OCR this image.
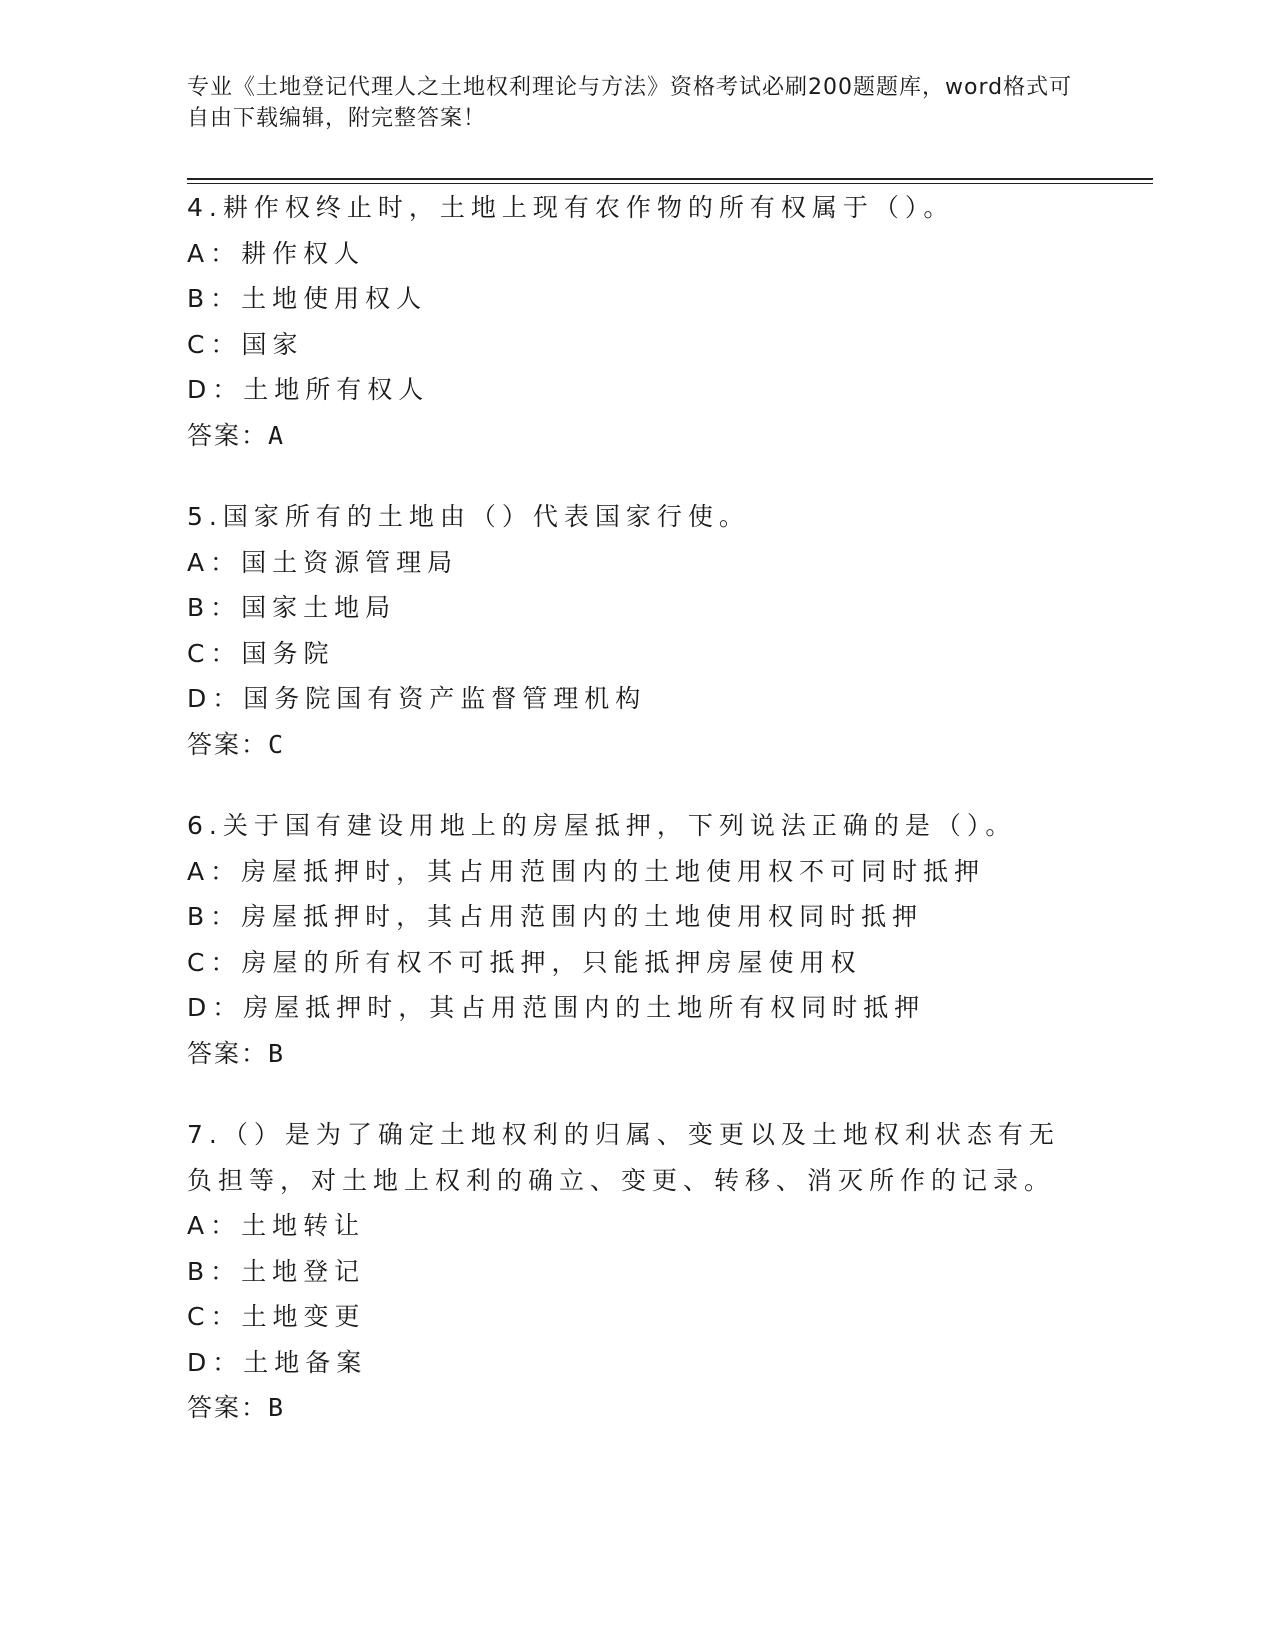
专业《土地登记代理人之土地权利理论与方法》资格考试必刷200题题库，word格式可自由下载编辑，附完整答案！
4.耕作权终止时，土地上现有农作物的所有权属于（）。
A：耕作权人
B：土地使用权人
C：国家
D：土地所有权人
答案：A
5.国家所有的土地由（）代表国家行使。
A：国土资源管理局
B：国家土地局
C：国务院
D：国务院国有资产监督管理机构
答案：C
6.关于国有建设用地上的房屋抵押，下列说法正确的是（）。
A：房屋抵押时，其占用范围内的土地使用权不可同时抵押
B：房屋抵押时，其占用范围内的土地使用权同时抵押
C：房屋的所有权不可抵押，只能抵押房屋使用权
D：房屋抵押时，其占用范围内的土地所有权同时抵押
答案：B
7.（）是为了确定土地权利的归属、变更以及土地权利状态有无负担等，对土地上权利的确立、变更、转移、消灭所作的记录。
A：土地转让
B：土地登记
C：土地变更
D：土地备案
答案：B
